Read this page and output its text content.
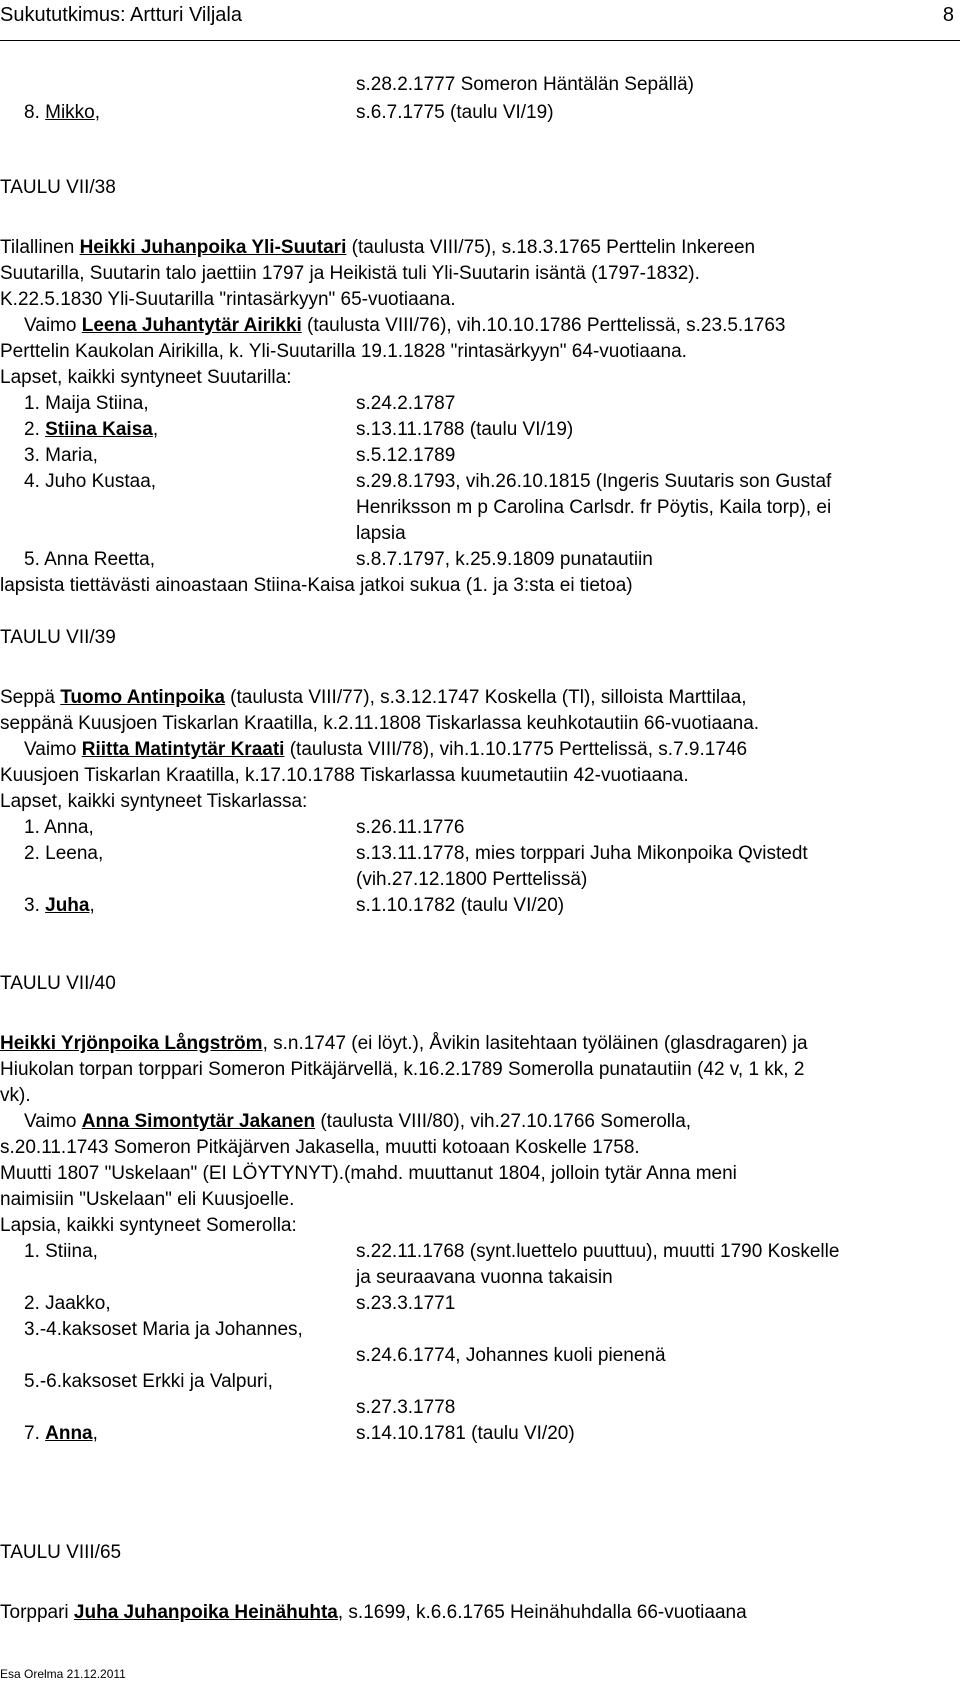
Sukututkimus: Artturi Viljala	8
s.28.2.1777 Someron Häntälän Sepällä)
8. Mikko,	s.6.7.1775 (taulu VI/19)
TAULU VII/38
Tilallinen Heikki Juhanpoika Yli-Suutari (taulusta VIII/75), s.18.3.1765 Perttelin Inkereen
Suutarilla, Suutarin talo jaettiin 1797 ja Heikistä tuli Yli-Suutarin isäntä (1797-1832).
K.22.5.1830 Yli-Suutarilla "rintasärkyyn" 65-vuotiaana.
Vaimo Leena Juhantytär Airikki (taulusta VIII/76), vih.10.10.1786 Perttelissä, s.23.5.1763
Perttelin Kaukolan Airikilla, k. Yli-Suutarilla 19.1.1828 "rintasärkyyn" 64-vuotiaana.
Lapset, kaikki syntyneet Suutarilla:
1. Maija Stiina,	s.24.2.1787
2. Stiina Kaisa,	s.13.11.1788 (taulu VI/19)
3. Maria,	s.5.12.1789
4. Juho Kustaa,	s.29.8.1793, vih.26.10.1815 (Ingeris Suutaris son Gustaf
Henriksson m p Carolina Carlsdr. fr Pöytis, Kaila torp), ei
lapsia
5. Anna Reetta,	s.8.7.1797, k.25.9.1809 punatautiin
lapsista tiettävästi ainoastaan Stiina-Kaisa jatkoi sukua (1. ja 3:sta ei tietoa)
TAULU VII/39
Seppä Tuomo Antinpoika (taulusta VIII/77), s.3.12.1747 Koskella (Tl), silloista Marttilaa,
seppänä Kuusjoen Tiskarlan Kraatilla, k.2.11.1808 Tiskarlassa keuhkotautiin 66-vuotiaana.
Vaimo Riitta Matintytär Kraati (taulusta VIII/78), vih.1.10.1775 Perttelissä, s.7.9.1746
Kuusjoen Tiskarlan Kraatilla, k.17.10.1788 Tiskarlassa kuumetautiin 42-vuotiaana.
Lapset, kaikki syntyneet Tiskarlassa:
1. Anna,	s.26.11.1776
2. Leena,	s.13.11.1778, mies torppari Juha Mikonpoika Qvistedt
(vih.27.12.1800 Perttelissä)
3. Juha,	s.1.10.1782 (taulu VI/20)
TAULU VII/40
Heikki Yrjönpoika Långström, s.n.1747 (ei löyt.), Åvikin lasitehtaan työläinen (glasdragaren) ja
Hiukolan torpan torppari Someron Pitkäjärvellä, k.16.2.1789 Somerolla punatautiin (42 v, 1 kk, 2
vk).
Vaimo Anna Simontytär Jakanen (taulusta VIII/80), vih.27.10.1766 Somerolla,
s.20.11.1743 Someron Pitkäjärven Jakasella, muutti kotoaan Koskelle 1758.
Muutti 1807 "Uskelaan" (EI LÖYTYNYT).(mahd. muuttanut 1804, jolloin tytär Anna meni
naimisiin "Uskelaan" eli Kuusjoelle.
Lapsia, kaikki syntyneet Somerolla:
1. Stiina,	s.22.11.1768 (synt.luettelo puuttuu), muutti 1790 Koskelle
ja seuraavana vuonna takaisin
2. Jaakko,	s.23.3.1771
3.-4.kaksoset Maria ja Johannes,
s.24.6.1774, Johannes kuoli pienenä
5.-6.kaksoset Erkki ja Valpuri,
s.27.3.1778
7. Anna,	s.14.10.1781 (taulu VI/20)
TAULU VIII/65
Torppari Juha Juhanpoika Heinähuhta, s.1699, k.6.6.1765 Heinähuhdalla 66-vuotiaana
Esa Orelma 21.12.2011
